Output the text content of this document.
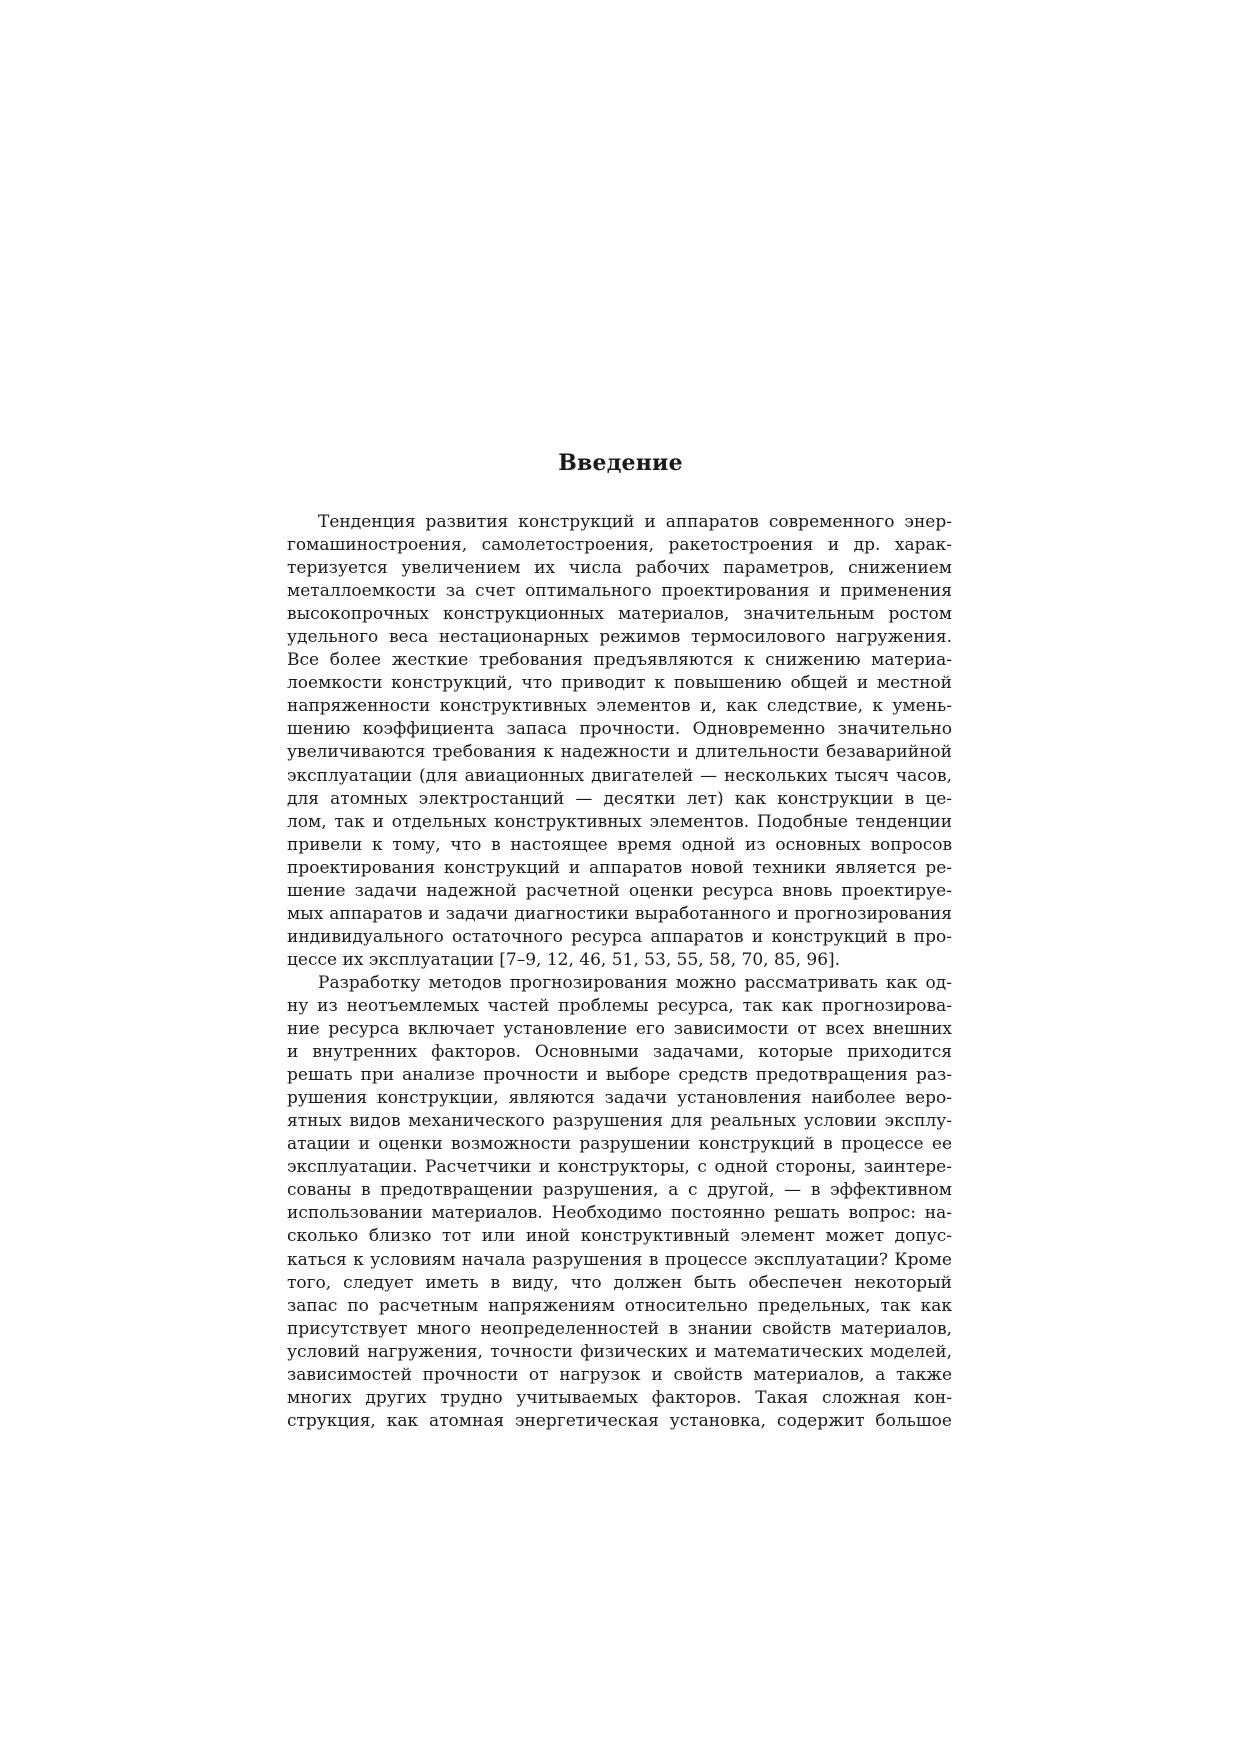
Введение
Тенденция развития конструкций и аппаратов современного энер-
гомашиностроения, самолетостроения, ракетостроения и др. харак-
теризуется увеличением их числа рабочих параметров, снижением
металлоемкости за счет оптимального проектирования и применения
высокопрочных конструкционных материалов, значительным ростом
удельного веса нестационарных режимов термосилового нагружения.
Все более жесткие требования предъявляются к снижению материа-
лоемкости конструкций, что приводит к повышению общей и местной
напряженности конструктивных элементов и, как следствие, к умень-
шению коэффициента запаса прочности. Одновременно значительно
увеличиваются требования к надежности и длительности безаварийной
эксплуатации (для авиационных двигателей — нескольких тысяч часов,
для атомных электростанций — десятки лет) как конструкции в це-
лом, так и отдельных конструктивных элементов. Подобные тенденции
привели к тому, что в настоящее время одной из основных вопросов
проектирования конструкций и аппаратов новой техники является ре-
шение задачи надежной расчетной оценки ресурса вновь проектируе-
мых аппаратов и задачи диагностики выработанного и прогнозирования
индивидуального остаточного ресурса аппаратов и конструкций в про-
цессе их эксплуатации [7–9, 12, 46, 51, 53, 55, 58, 70, 85, 96].
Разработку методов прогнозирования можно рассматривать как од-
ну из неотъемлемых частей проблемы ресурса, так как прогнозирова-
ние ресурса включает установление его зависимости от всех внешних
и внутренних факторов. Основными задачами, которые приходится
решать при анализе прочности и выборе средств предотвращения раз-
рушения конструкции, являются задачи установления наиболее веро-
ятных видов механического разрушения для реальных условии эксплу-
атации и оценки возможности разрушении конструкций в процессе ее
эксплуатации. Расчетчики и конструкторы, с одной стороны, заинтере-
сованы в предотвращении разрушения, а с другой, — в эффективном
использовании материалов. Необходимо постоянно решать вопрос: на-
сколько близко тот или иной конструктивный элемент может допус-
каться к условиям начала разрушения в процессе эксплуатации? Кроме
того, следует иметь в виду, что должен быть обеспечен некоторый
запас по расчетным напряжениям относительно предельных, так как
присутствует много неопределенностей в знании свойств материалов,
условий нагружения, точности физических и математических моделей,
зависимостей прочности от нагрузок и свойств материалов, а также
многих других трудно учитываемых факторов. Такая сложная кон-
струкция, как атомная энергетическая установка, содержит большое
